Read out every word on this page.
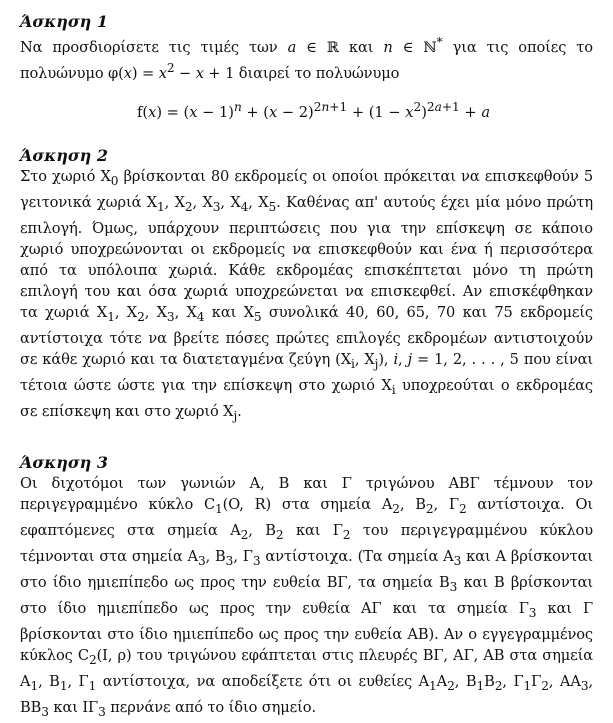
Άσκηση 1

Να προσδιορίσετε τις τιμές των a ∈ ℝ και n ∈ ℕ* για τις οποίες το πολυώνυμο $\varphi(x) = x^2 - x + 1$ διαιρεί το πολυώνυμο

$f(x) = (x - 1)^n + (x - 2)^{2n+1} + (1 - x^2)^{2a+1} + a$
Άσκηση 2

Στο χωριό $X_0$ βρίσκονται 80 εκδρομείς οι οποίοι πρόκειται να επισκεφθούν 5 γειτονικά χωριά $X_1$, $X_2$, $X_3$, $X_4$, $X_5$. Καθένας απ' αυτούς έχει μία μόνο πρώτη επιλογή. Όμως, υπάρχουν περιπτώσεις που για την επίσκεψη σε κάποιο χωριό υποχρεώνονται οι εκδρομείς να επισκεφθούν και ένα ή περισσότερα από τα υπόλοιπα χωριά. Κάθε εκδρομέας επισκέπτεται μόνο τη πρώτη επιλογή του και όσα χωριά υποχρεώνεται να επισκεφθεί. Αν επισκέφθηκαν τα χωριά $X_1$, $X_2$, $X_3$, $X_4$ και $X_5$ συνολικά 40, 60, 65, 70 και 75 εκδρομείς αντίστοιχα τότε να βρείτε πόσες πρώτες επιλογές εκδρομέων αντιστοιχούν σε κάθε χωριό και τα διατεταγμένα ζεύγη ($X_i$, $X_j$), i, j = 1, 2, . . . , 5 που είναι τέτοια ώστε ώστε για την επίσκεψη στο χωριό $X_i$ υποχρεούται ο εκδρομέας σε επίσκεψη και στο χωριό $X_j$.

Άσκηση 3

Οι διχοτόμοι των γωνιών A, B και Γ τριγώνου ABΓ τέμνουν τον περιγεγραμμένο κύκλο $C_1(O$, R) στα σημεία $A_2$, $B_2$, $\Gamma_2$ αντίστοιχα. Οι εφαπτόμενες στα σημεία $A_2$, $B_2$ και $\Gamma_2$ του περιγεγραμμένου κύκλου τέμνονται στα σημεία $A_3$, $B_3$, $\Gamma_3$ αντίστοιχα. (Τα σημεία $A_3$ και A βρίσκονται στο ίδιο ημιεπίπεδο ως προς την ευθεία BΓ, τα σημεία $B_3$ και B βρίσκονται στο ίδιο ημιεπίπεδο ως προς την ευθεία AΓ και τα σημεία $\Gamma_3$ και Γ βρίσκονται στο ίδιο ημιεπίπεδο ως προς την ευθεία AB). Αν ο εγγεγραμμένος κύκλος $C_2(I$, ρ) του τριγώνου εφάπτεται στις πλευρές BΓ, AΓ, AB στα σημεία $A_1$, $B_1$, $\Gamma_1$ αντίστοιχα, να αποδείξετε ότι οι ευθείες $A_1A_2$, $B_1B_2$, $\Gamma_1\Gamma_2$, $AA_3$, $BB_3$ και $I\Gamma_3$ περνάνε από το ίδιο σημείο.
